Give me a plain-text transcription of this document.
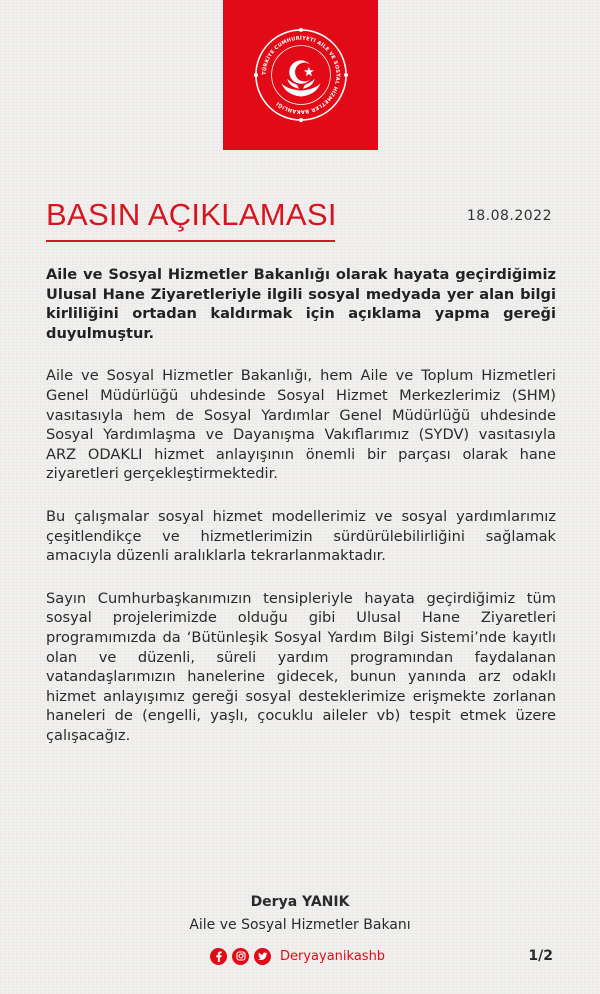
TÜRKİYE CUMHURİYETİ AİLE VE SOSYAL HİZMETLER BAKANLIĞI
BASIN AÇIKLAMASI	18.08.2022

Aile ve Sosyal Hizmetler Bakanlığı olarak hayata geçirdiğimiz Ulusal Hane Ziyaretleriyle ilgili sosyal medyada yer alan bilgi kirliliğini ortadan kaldırmak için açıklama yapma gereği duyulmuştur.

Aile ve Sosyal Hizmetler Bakanlığı, hem Aile ve Toplum Hizmetleri Genel Müdürlüğü uhdesinde Sosyal Hizmet Merkezlerimiz (SHM) vasıtasıyla hem de Sosyal Yardımlar Genel Müdürlüğü uhdesinde Sosyal Yardımlaşma ve Dayanışma Vakıflarımız (SYDV) vasıtasıyla ARZ ODAKLI hizmet anlayışının önemli bir parçası olarak hane ziyaretleri gerçekleştirmektedir.

Bu çalışmalar sosyal hizmet modellerimiz ve sosyal yardımlarımız çeşitlendikçe ve hizmetlerimizin sürdürülebilirliğini sağlamak amacıyla düzenli aralıklarla tekrarlanmaktadır.

Sayın Cumhurbaşkanımızın tensipleriyle hayata geçirdiğimiz tüm sosyal projelerimizde olduğu gibi Ulusal Hane Ziyaretleri programımızda da ‘Bütünleşik Sosyal Yardım Bilgi Sistemi’nde kayıtlı olan ve düzenli, süreli yardım programından faydalanan vatandaşlarımızın hanelerine gidecek, bunun yanında arz odaklı hizmet anlayışımız gereği sosyal desteklerimize erişmekte zorlanan haneleri de (engelli, yaşlı, çocuklu aileler vb) tespit etmek üzere çalışacağız.

Derya YANIK
Aile ve Sosyal Hizmetler Bakanı
Deryayanikashb	1/2
